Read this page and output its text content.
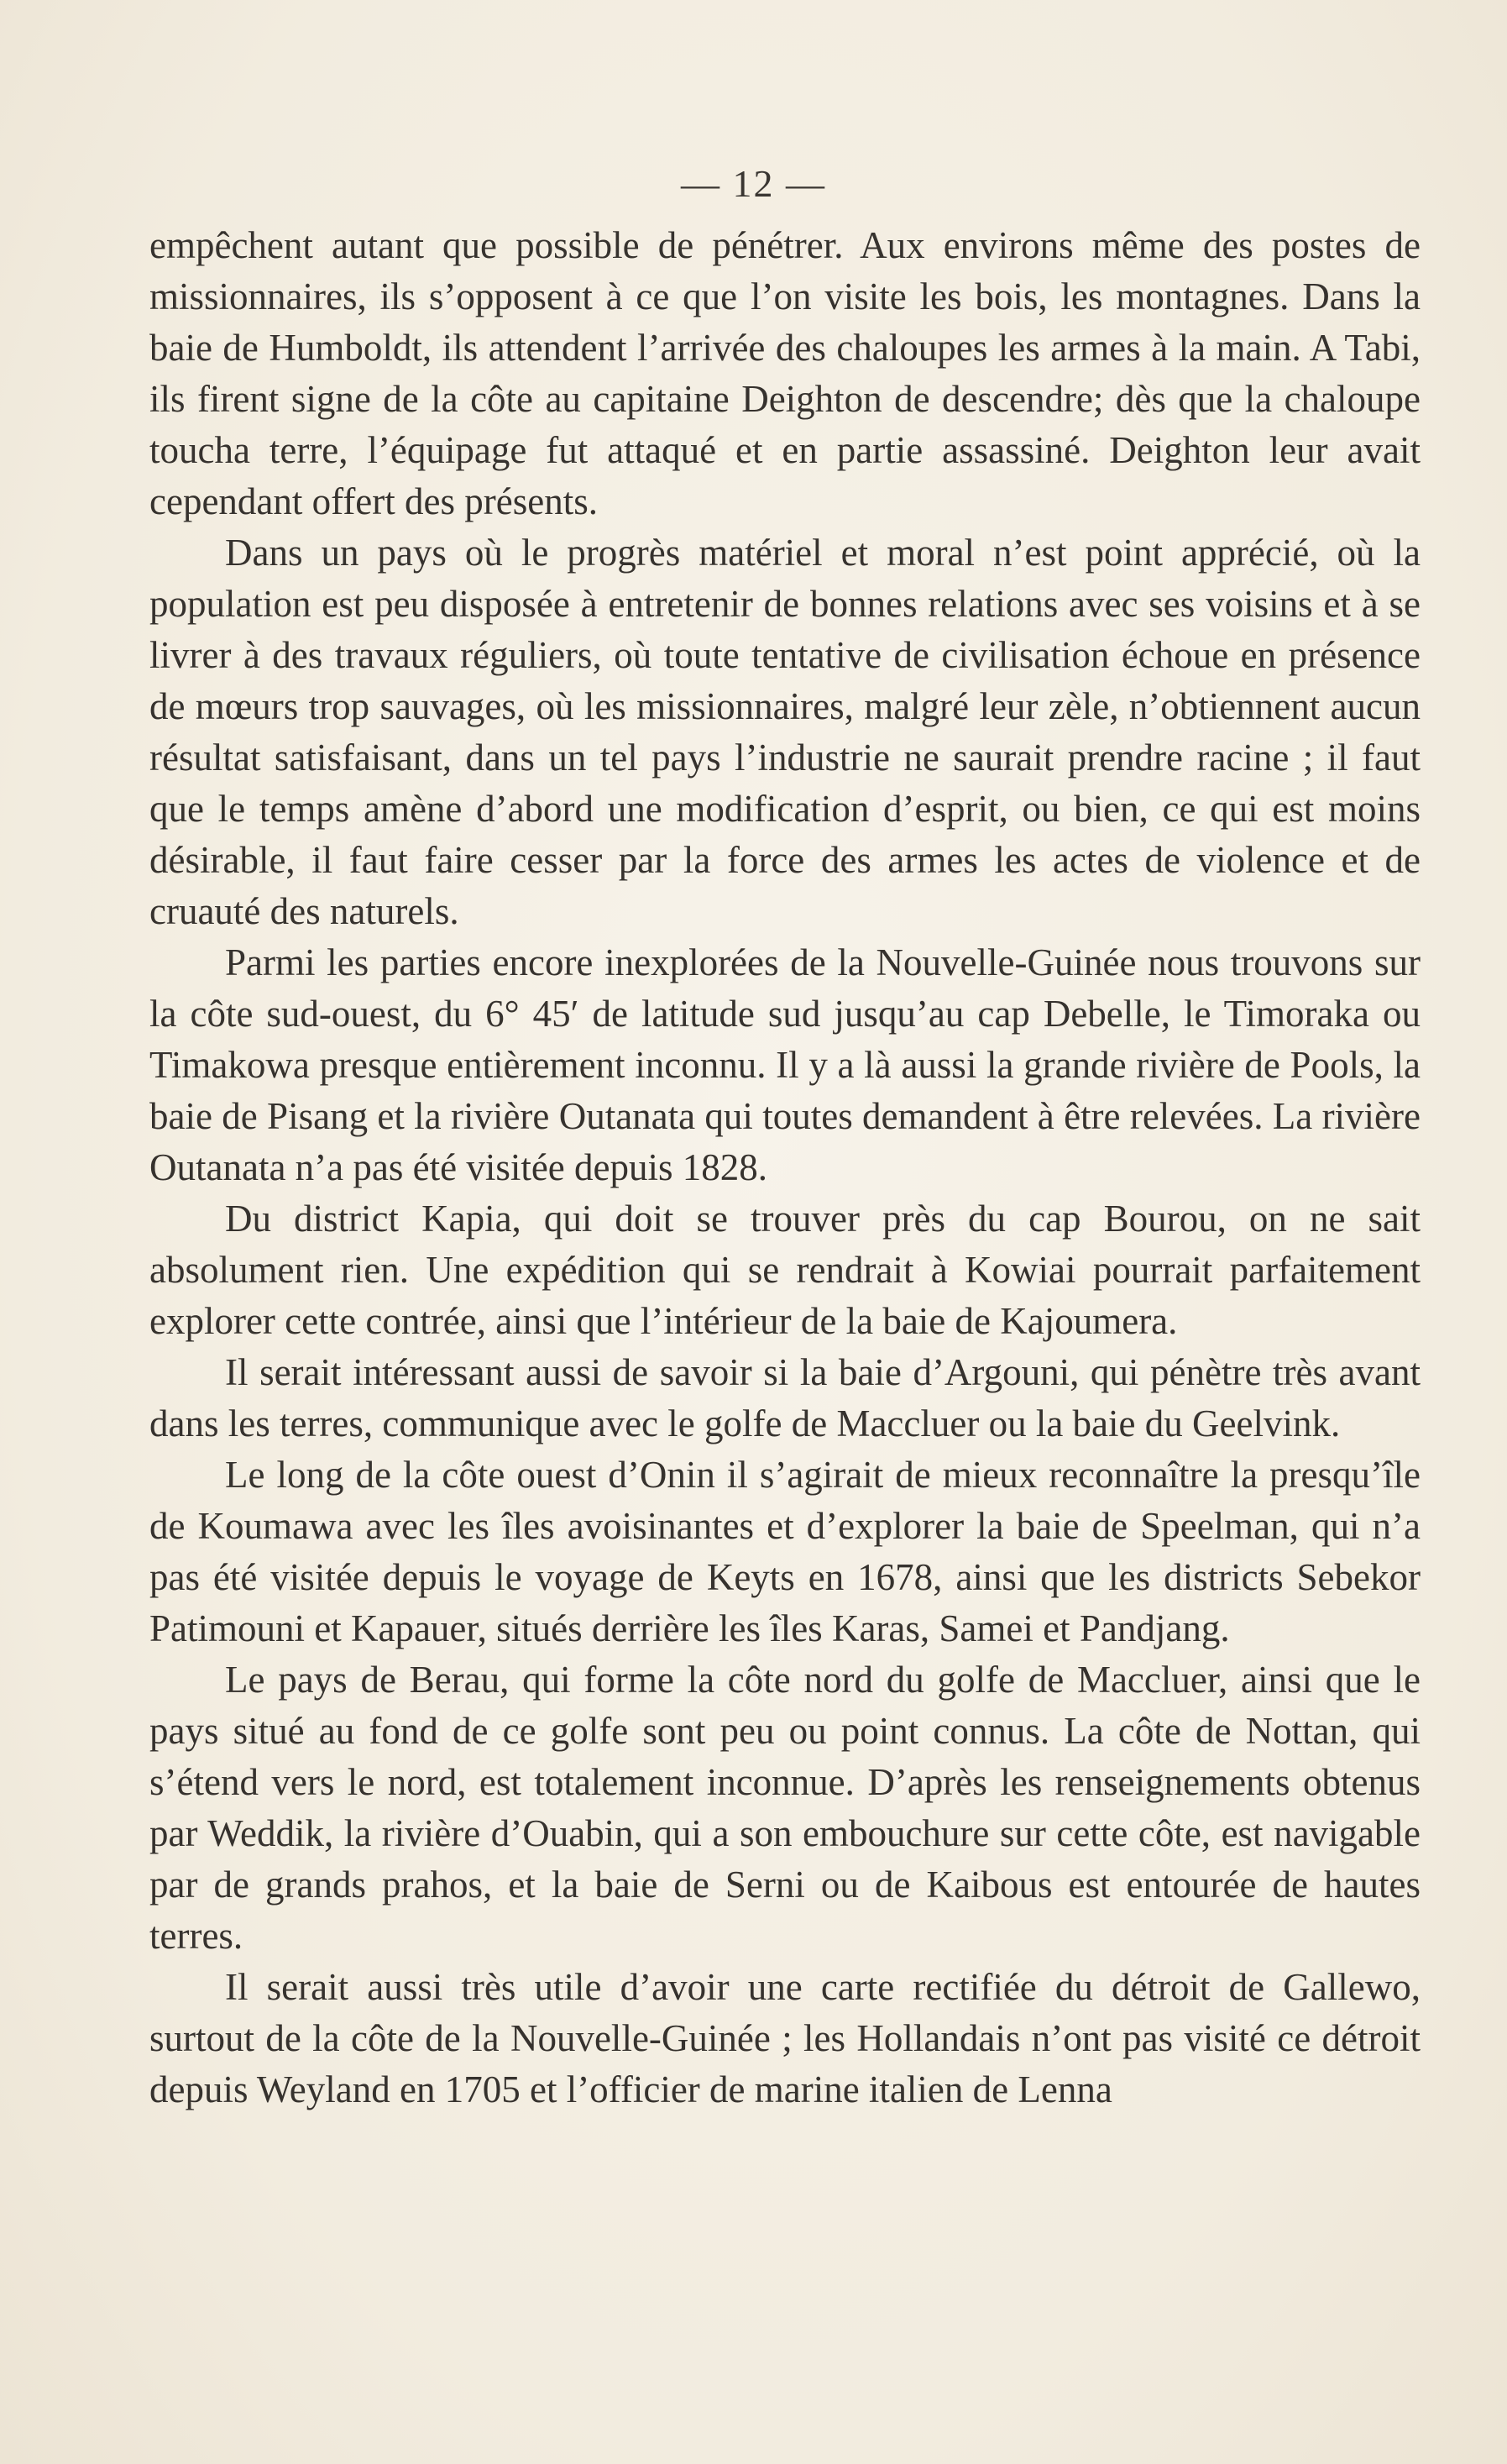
— 12 —

empêchent autant que possible de pénétrer. Aux environs même des postes de missionnaires, ils s’opposent à ce que l’on visite les bois, les montagnes. Dans la baie de Humboldt, ils attendent l’arrivée des chaloupes les armes à la main. A Tabi, ils firent signe de la côte au capitaine Deighton de descendre; dès que la chaloupe toucha terre, l’équipage fut attaqué et en partie assassiné. Deighton leur avait cependant offert des présents.

Dans un pays où le progrès matériel et moral n’est point apprécié, où la population est peu disposée à entretenir de bonnes relations avec ses voisins et à se livrer à des travaux réguliers, où toute tentative de civilisation échoue en présence de mœurs trop sauvages, où les missionnaires, malgré leur zèle, n’obtiennent aucun résultat satisfaisant, dans un tel pays l’industrie ne saurait prendre racine ; il faut que le temps amène d’abord une modification d’esprit, ou bien, ce qui est moins désirable, il faut faire cesser par la force des armes les actes de violence et de cruauté des naturels.

Parmi les parties encore inexplorées de la Nouvelle-Guinée nous trouvons sur la côte sud-ouest, du 6° 45′ de latitude sud jusqu’au cap Debelle, le Timoraka ou Timakowa presque entièrement inconnu. Il y a là aussi la grande rivière de Pools, la baie de Pisang et la rivière Outanata qui toutes demandent à être relevées. La rivière Outanata n’a pas été visitée depuis 1828.

Du district Kapia, qui doit se trouver près du cap Bourou, on ne sait absolument rien. Une expédition qui se rendrait à Kowiai pourrait parfaitement explorer cette contrée, ainsi que l’intérieur de la baie de Kajoumera.

Il serait intéressant aussi de savoir si la baie d’Argouni, qui pénètre très avant dans les terres, communique avec le golfe de Maccluer ou la baie du Geelvink.

Le long de la côte ouest d’Onin il s’agirait de mieux reconnaître la presqu’île de Koumawa avec les îles avoisinantes et d’explorer la baie de Speelman, qui n’a pas été visitée depuis le voyage de Keyts en 1678, ainsi que les districts Sebekor Patimouni et Kapauer, situés derrière les îles Karas, Samei et Pandjang.

Le pays de Berau, qui forme la côte nord du golfe de Maccluer, ainsi que le pays situé au fond de ce golfe sont peu ou point connus. La côte de Nottan, qui s’étend vers le nord, est totalement inconnue. D’après les renseignements obtenus par Weddik, la rivière d’Ouabin, qui a son embouchure sur cette côte, est navigable par de grands prahos, et la baie de Serni ou de Kaibous est entourée de hautes terres.

Il serait aussi très utile d’avoir une carte rectifiée du détroit de Gallewo, surtout de la côte de la Nouvelle-Guinée ; les Hollandais n’ont pas visité ce détroit depuis Weyland en 1705 et l’officier de marine italien de Lenna
